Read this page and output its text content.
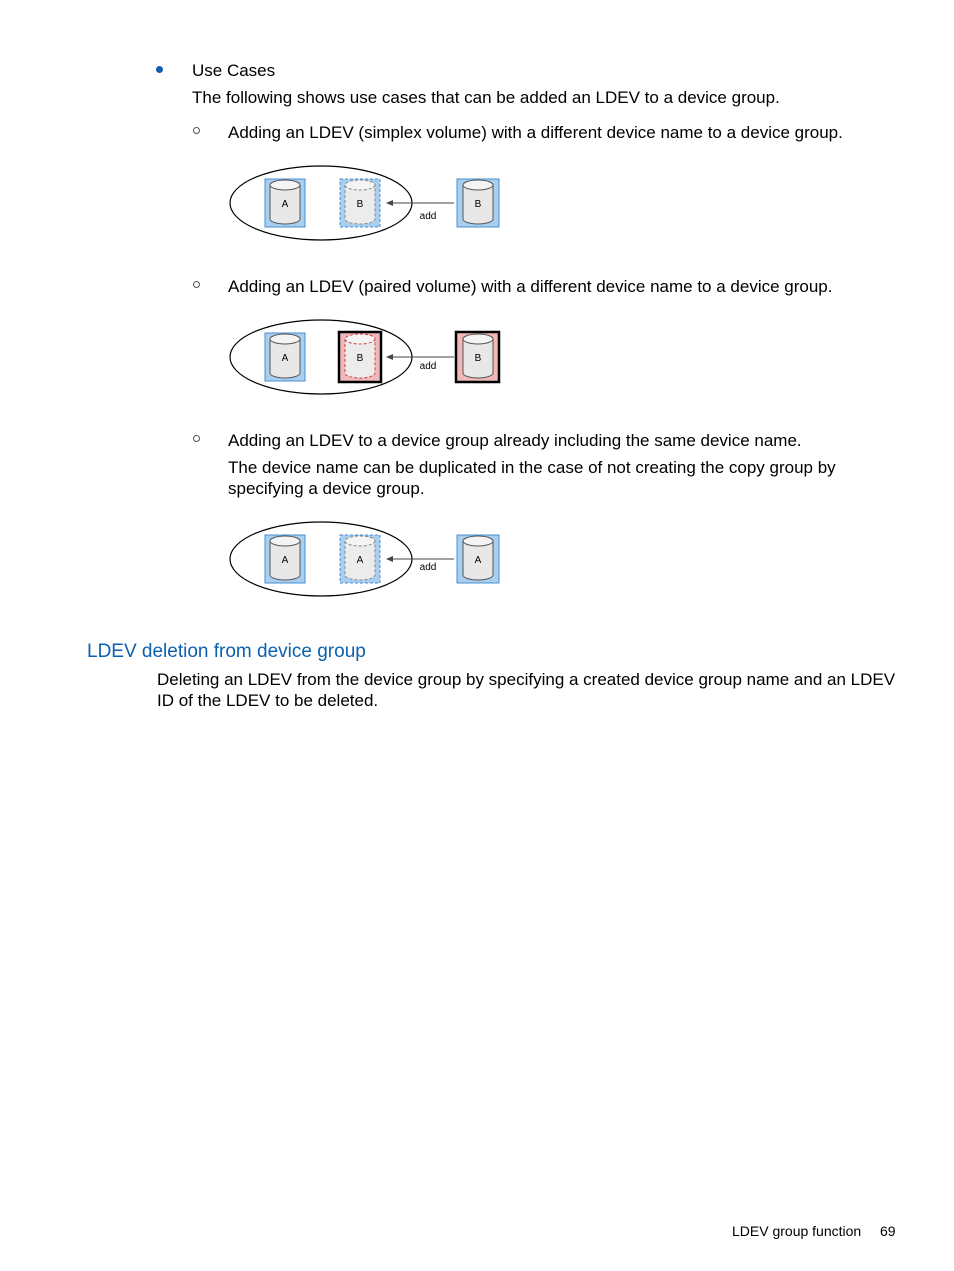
Use Cases
The following shows use cases that can be added an LDEV to a device group.
Adding an LDEV (simplex volume) with a different device name to a device group.
A	B
add
B
Adding an LDEV (paired volume) with a different device name to a device group.
A	B
add
B
Adding an LDEV to a device group already including the same device name.
The device name can be duplicated in the case of not creating the copy group by
specifying a device group.
A	A
add
A
LDEV deletion from device group
Deleting an LDEV from the device group by specifying a created device group name and an LDEV
ID of the LDEV to be deleted.
LDEV group function 69
